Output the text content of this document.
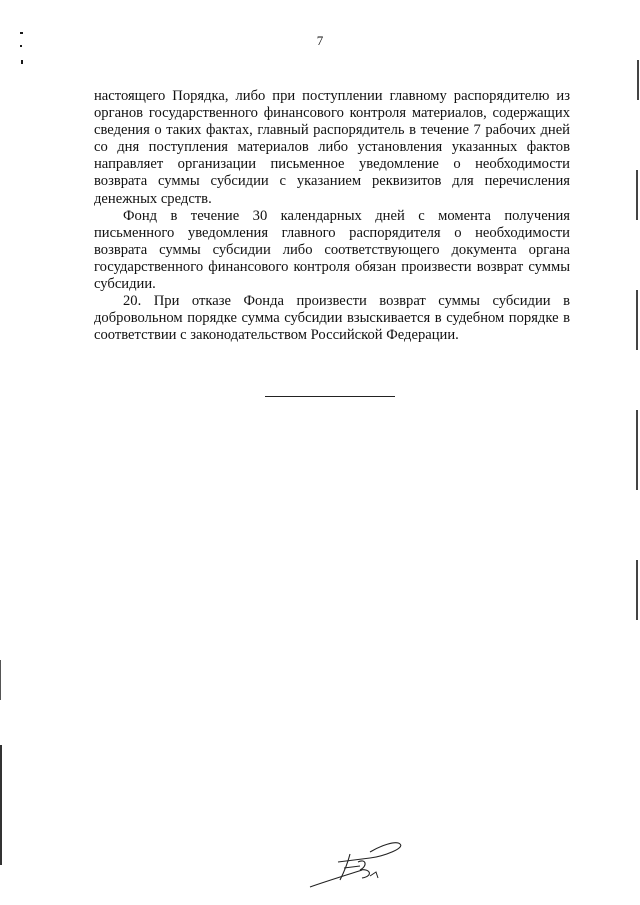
7

настоящего Порядка, либо при поступлении главному распорядителю из органов государственного финансового контроля материалов, содержащих сведения о таких фактах, главный распорядитель в течение 7 рабочих дней со дня поступления материалов либо установления указанных фактов направляет организации письменное уведомление о необходимости возврата суммы субсидии с указанием реквизитов для перечисления денежных средств.

Фонд в течение 30 календарных дней с момента получения письменного уведомления главного распорядителя о необходимости возврата суммы субсидии либо соответствующего документа органа государственного финансового контроля обязан произвести возврат суммы субсидии.

20. При отказе Фонда произвести возврат суммы субсидии в добровольном порядке сумма субсидии взыскивается в судебном порядке в соответствии с законодательством Российской Федерации.
